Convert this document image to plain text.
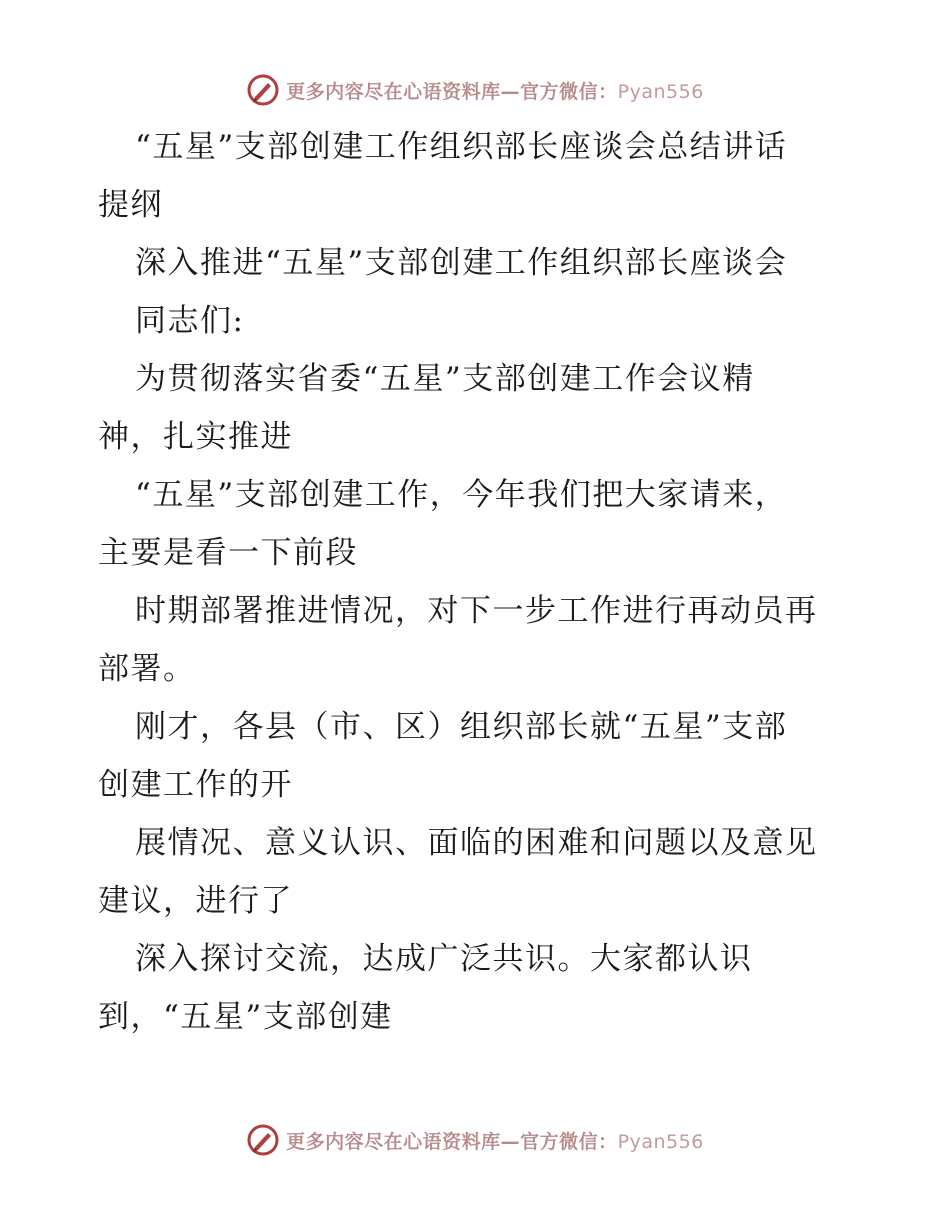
更多内容尽在心语资料库—官方微信：Pyan556
“五星”支部创建工作组织部长座谈会总结讲话
提纲
深入推进“五星”支部创建工作组织部长座谈会
同志们:
为贯彻落实省委“五星”支部创建工作会议精
神，扎实推进
“五星”支部创建工作，今年我们把大家请来，
主要是看一下前段
时期部署推进情况，对下一步工作进行再动员再
部署。
刚才，各县（市、区）组织部长就“五星”支部
创建工作的开
展情况、意义认识、面临的困难和问题以及意见
建议，进行了
深入探讨交流，达成广泛共识。大家都认识
到，“五星”支部创建
更多内容尽在心语资料库—官方微信：Pyan556
